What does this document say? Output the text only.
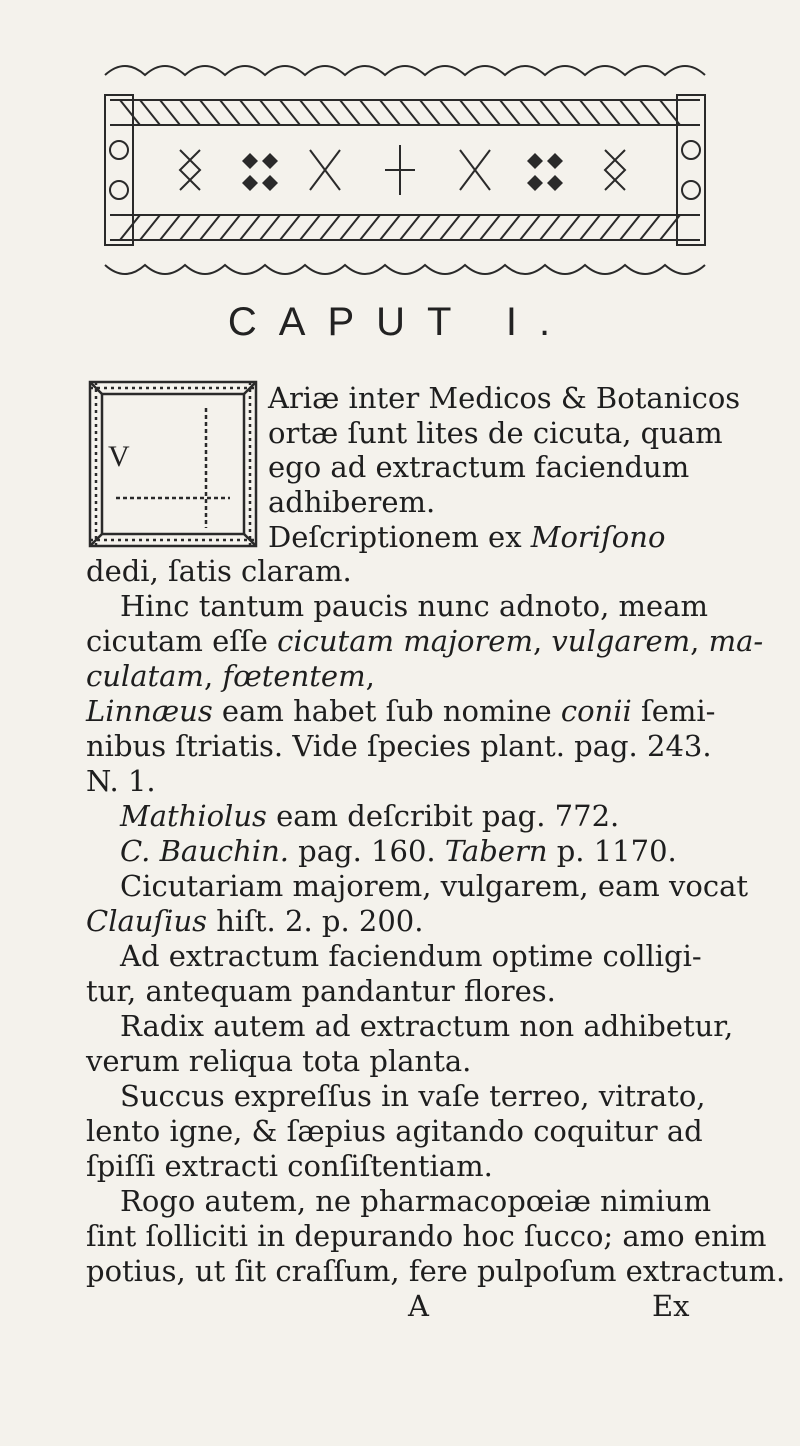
CAPUT I.
V
Ariæ inter Medicos & Botanicos
ortæ ſunt lites de cicuta, quam
ego ad extractum faciendum
adhiberem.
Deſcriptionem ex Moriſono
dedi, ſatis claram.
Hinc tantum paucis nunc adnoto, meam
cicutam eſſe cicutam majorem, vulgarem, ma-
culatam, fœtentem,
Linnæus eam habet ſub nomine conii ſemi-
nibus ſtriatis. Vide ſpecies plant. pag. 243.
N. 1.
Mathiolus eam deſcribit pag. 772.
C. Bauchin. pag. 160. Tabern p. 1170.
Cicutariam majorem, vulgarem, eam vocat
Clauſius hiſt. 2. p. 200.
Ad extractum faciendum optime colligi-
tur, antequam pandantur flores.
Radix autem ad extractum non adhibetur,
verum reliqua tota planta.
Succus expreſſus in vaſe terreo, vitrato,
lento igne, & ſæpius agitando coquitur ad
ſpiſſi extracti conſiſtentiam.
Rogo autem, ne pharmacopœiæ nimium
ſint ſolliciti in depurando hoc ſucco; amo enim
potius, ut ſit craſſum, fere pulpoſum extractum.
A	Ex
